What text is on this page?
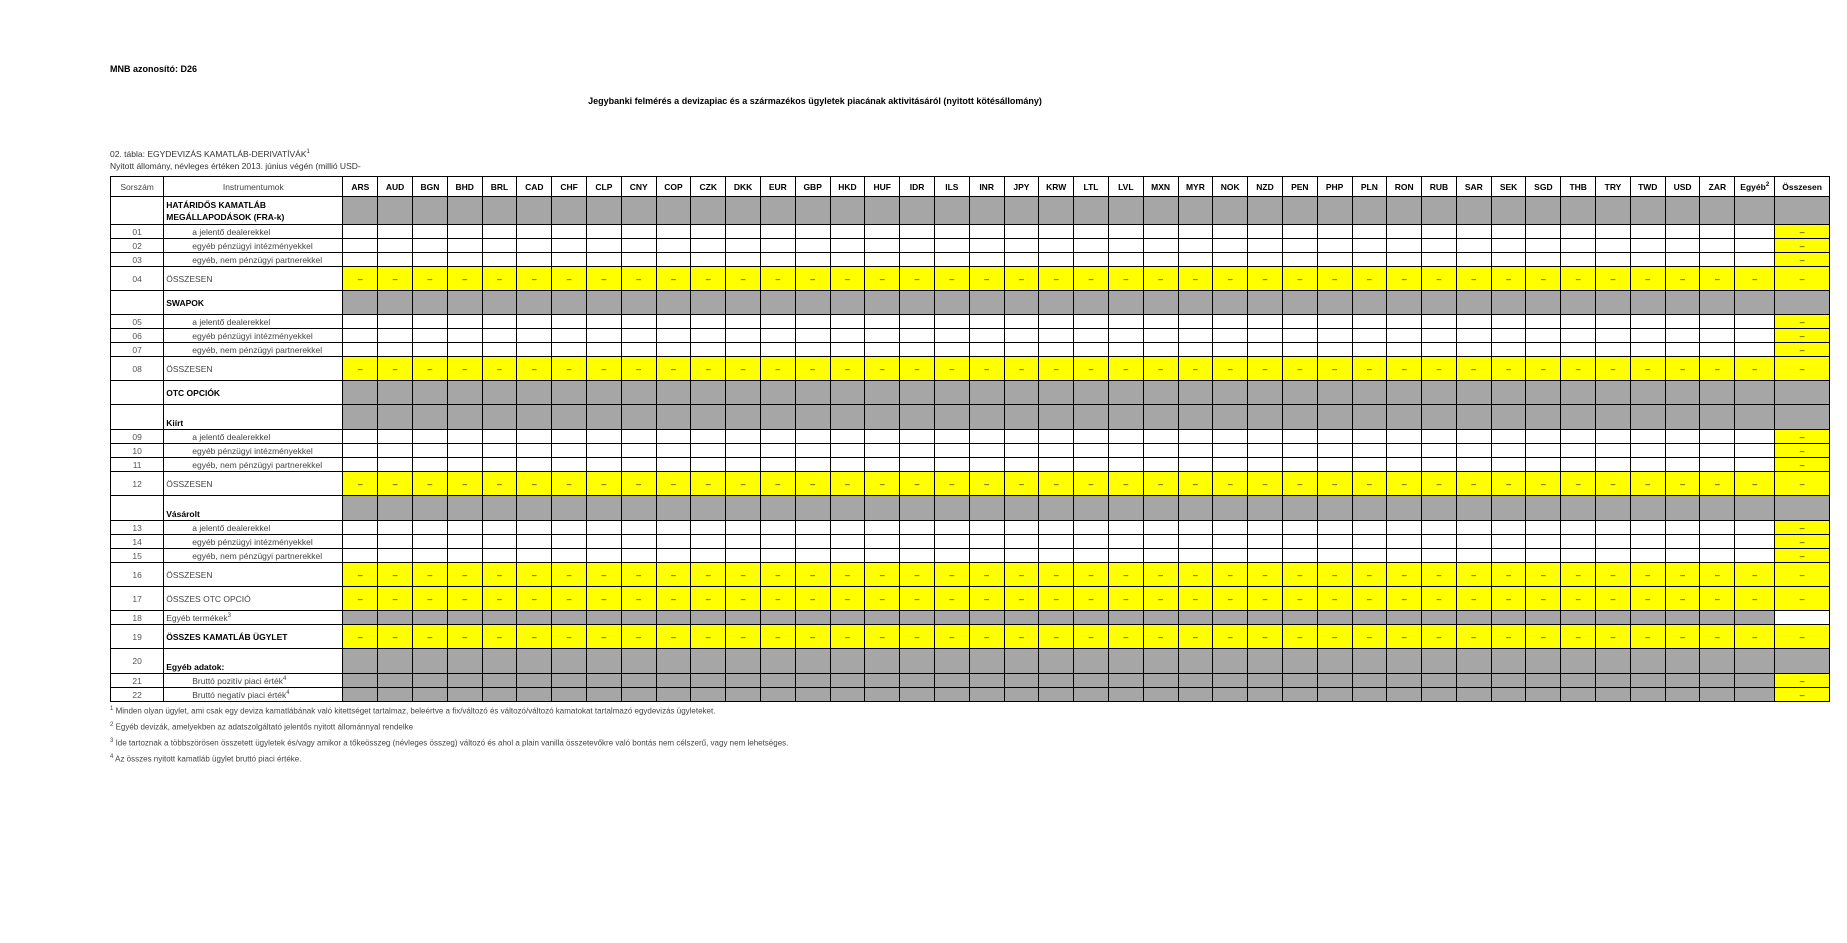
MNB azonosító: D26
Jegybanki felmérés a devizapiac és a származékos ügyletek piacának aktivitásáról (nyitott kötésállomány)
02. tábla: EGYDEVIZÁS KAMATLÁB-DERIVATÍVÁK$^1$
Nyitott állomány, névleges értéken 2013. június végén (millió USD-
Sorszám	Instrumentumok	ARS	AUD	BGN	BHD	BRL	CAD	CHF	CLP	CNY	COP	CZK	DKK	EUR	GBP	HKD	HUF	IDR	ILS	INR	JPY	KRW	LTL	LVL	MXN	MYR	NOK	NZD	PEN	PHP	PLN	RON	RUB	SAR	SEK	SGD	THB	TRY	TWD	USD	ZAR	Egyéb$^2$	Összesen
	HATÁRIDŐS KAMATLÁB MEGÁLLAPODÁSOK (FRA-k)																																										
01	a jelentő dealerekkel																																										–
02	egyéb pénzügyi intézményekkel																																										–
03	egyéb, nem pénzügyi partnerekkel																																										–
04	ÖSSZESEN	–	–	–	–	–	–	–	–	–	–	–	–	–	–	–	–	–	–	–	–	–	–	–	–	–	–	–	–	–	–	–	–	–	–	–	–	–	–	–	–	–	–
	SWAPOK																																										
05	a jelentő dealerekkel																																										–
06	egyéb pénzügyi intézményekkel																																										–
07	egyéb, nem pénzügyi partnerekkel																																										–
08	ÖSSZESEN	–	–	–	–	–	–	–	–	–	–	–	–	–	–	–	–	–	–	–	–	–	–	–	–	–	–	–	–	–	–	–	–	–	–	–	–	–	–	–	–	–	–
	OTC OPCIÓK																																										
	Kiírt																																										
09	a jelentő dealerekkel																																										–
10	egyéb pénzügyi intézményekkel																																										–
11	egyéb, nem pénzügyi partnerekkel																																										–
12	ÖSSZESEN	–	–	–	–	–	–	–	–	–	–	–	–	–	–	–	–	–	–	–	–	–	–	–	–	–	–	–	–	–	–	–	–	–	–	–	–	–	–	–	–	–	–
	Vásárolt																																										
13	a jelentő dealerekkel																																										–
14	egyéb pénzügyi intézményekkel																																										–
15	egyéb, nem pénzügyi partnerekkel																																										–
16	ÖSSZESEN	–	–	–	–	–	–	–	–	–	–	–	–	–	–	–	–	–	–	–	–	–	–	–	–	–	–	–	–	–	–	–	–	–	–	–	–	–	–	–	–	–	–
17	ÖSSZES OTC OPCIÓ	–	–	–	–	–	–	–	–	–	–	–	–	–	–	–	–	–	–	–	–	–	–	–	–	–	–	–	–	–	–	–	–	–	–	–	–	–	–	–	–	–	–
18	Egyéb termékek$^3$																																										
19	ÖSSZES KAMATLÁB ÜGYLET	–	–	–	–	–	–	–	–	–	–	–	–	–	–	–	–	–	–	–	–	–	–	–	–	–	–	–	–	–	–	–	–	–	–	–	–	–	–	–	–	–	–
20	Egyéb adatok:																																										
21	Bruttó pozitív piaci érték$^4$																																										–
22	Bruttó negatív piaci érték$^4$																																										–
$^1$ Minden olyan ügylet, ami csak egy deviza kamatlábának való kitettséget tartalmaz, beleértve a fix/változó és változó/változó kamatokat tartalmazó egydevizás ügyleteket.
$^2$ Egyéb devizák, amelyekben az adatszolgáltató jelentős nyitott állománnyal rendelke
$^3$ Ide tartoznak a többszörösen összetett ügyletek és/vagy amikor a tőkeösszeg (névleges összeg) változó és ahol a plain vanilla összetevőkre való bontás nem célszerű, vagy nem lehetséges.
$^4$ Az összes nyitott kamatláb ügylet bruttó piaci értéke.
